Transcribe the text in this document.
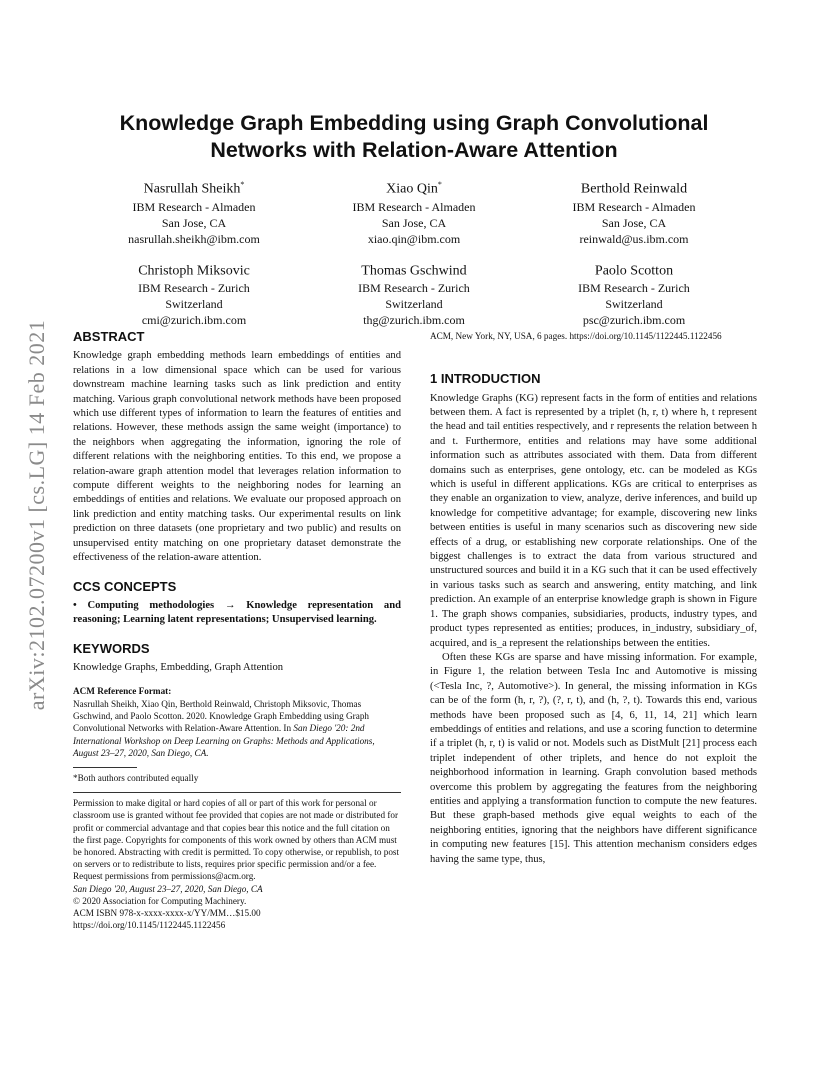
arXiv:2102.07200v1 [cs.LG] 14 Feb 2021
Knowledge Graph Embedding using Graph Convolutional
Networks with Relation-Aware Attention
Nasrullah Sheikh*
IBM Research - Almaden
San Jose, CA
nasrullah.sheikh@ibm.com
Xiao Qin*
IBM Research - Almaden
San Jose, CA
xiao.qin@ibm.com
Berthold Reinwald
IBM Research - Almaden
San Jose, CA
reinwald@us.ibm.com
Christoph Miksovic
IBM Research - Zurich
Switzerland
cmi@zurich.ibm.com
Thomas Gschwind
IBM Research - Zurich
Switzerland
thg@zurich.ibm.com
Paolo Scotton
IBM Research - Zurich
Switzerland
psc@zurich.ibm.com
ABSTRACT

Knowledge graph embedding methods learn embeddings of entities and relations in a low dimensional space which can be used for various downstream machine learning tasks such as link prediction and entity matching. Various graph convolutional network methods have been proposed which use different types of information to learn the features of entities and relations. However, these methods assign the same weight (importance) to the neighbors when aggregating the information, ignoring the role of different relations with the neighboring entities. To this end, we propose a relation-aware graph attention model that leverages relation information to compute different weights to the neighboring nodes for learning an embeddings of entities and relations. We evaluate our proposed approach on link prediction and entity matching tasks. Our experimental results on link prediction on three datasets (one proprietary and two public) and results on unsupervised entity matching on one proprietary dataset demonstrate the effectiveness of the relation-aware attention.

CCS CONCEPTS

• Computing methodologies → Knowledge representation and reasoning; Learning latent representations; Unsupervised learning.

KEYWORDS

Knowledge Graphs, Embedding, Graph Attention

ACM Reference Format:

Nasrullah Sheikh, Xiao Qin, Berthold Reinwald, Christoph Miksovic, Thomas Gschwind, and Paolo Scotton. 2020. Knowledge Graph Embedding using Graph Convolutional Networks with Relation-Aware Attention. In San Diego '20: 2nd International Workshop on Deep Learning on Graphs: Methods and Applications, August 23–27, 2020, San Diego, CA.

*Both authors contributed equally

Permission to make digital or hard copies of all or part of this work for personal or classroom use is granted without fee provided that copies are not made or distributed for profit or commercial advantage and that copies bear this notice and the full citation on the first page. Copyrights for components of this work owned by others than ACM must be honored. Abstracting with credit is permitted. To copy otherwise, or republish, to post on servers or to redistribute to lists, requires prior specific permission and/or a fee. Request permissions from permissions@acm.org.

San Diego '20, August 23–27, 2020, San Diego, CA

© 2020 Association for Computing Machinery.

ACM ISBN 978-x-xxxx-xxxx-x/YY/MM…$15.00

https://doi.org/10.1145/1122445.1122456

ACM, New York, NY, USA, 6 pages. https://doi.org/10.1145/1122445.1122456

1 INTRODUCTION

Knowledge Graphs (KG) represent facts in the form of entities and relations between them. A fact is represented by a triplet (h, r, t) where h, t represent the head and tail entities respectively, and r represents the relation between h and t. Furthermore, entities and relations may have some additional information such as attributes associated with them. Data from different domains such as enterprises, gene ontology, etc. can be modeled as KGs which is useful in different applications. KGs are critical to enterprises as they enable an organization to view, analyze, derive inferences, and build up knowledge for competitive advantage; for example, discovering new links between entities is useful in many scenarios such as discovering new side effects of a drug, or establishing new corporate relationships. One of the biggest challenges is to extract the data from various structured and unstructured sources and build it in a KG such that it can be used effectively in various tasks such as search and answering, entity matching, and link prediction. An example of an enterprise knowledge graph is shown in Figure 1. The graph shows companies, subsidiaries, products, industry types, and product types represented as entities; produces, in_industry, subsidiary_of, acquired, and is_a represent the relationships between the entities.

Often these KGs are sparse and have missing information. For example, in Figure 1, the relation between Tesla Inc and Automotive is missing (<Tesla Inc, ?, Automotive>). In general, the missing information in KGs can be of the form (h, r, ?), (?, r, t), and (h, ?, t). Towards this end, various methods have been proposed such as [4, 6, 11, 14, 21] which learn embeddings of entities and relations, and use a scoring function to determine if a triplet (h, r, t) is valid or not. Models such as DistMult [21] process each triplet independent of other triplets, and hence do not exploit the neighborhood information in learning. Graph convolution based methods overcome this problem by aggregating the features from the neighboring entities and applying a transformation function to compute the new features. But these graph-based methods give equal weights to each of the neighboring entities, ignoring that the neighbors have different significance in computing new features [15]. This attention mechanism considers edges having the same type, thus,
